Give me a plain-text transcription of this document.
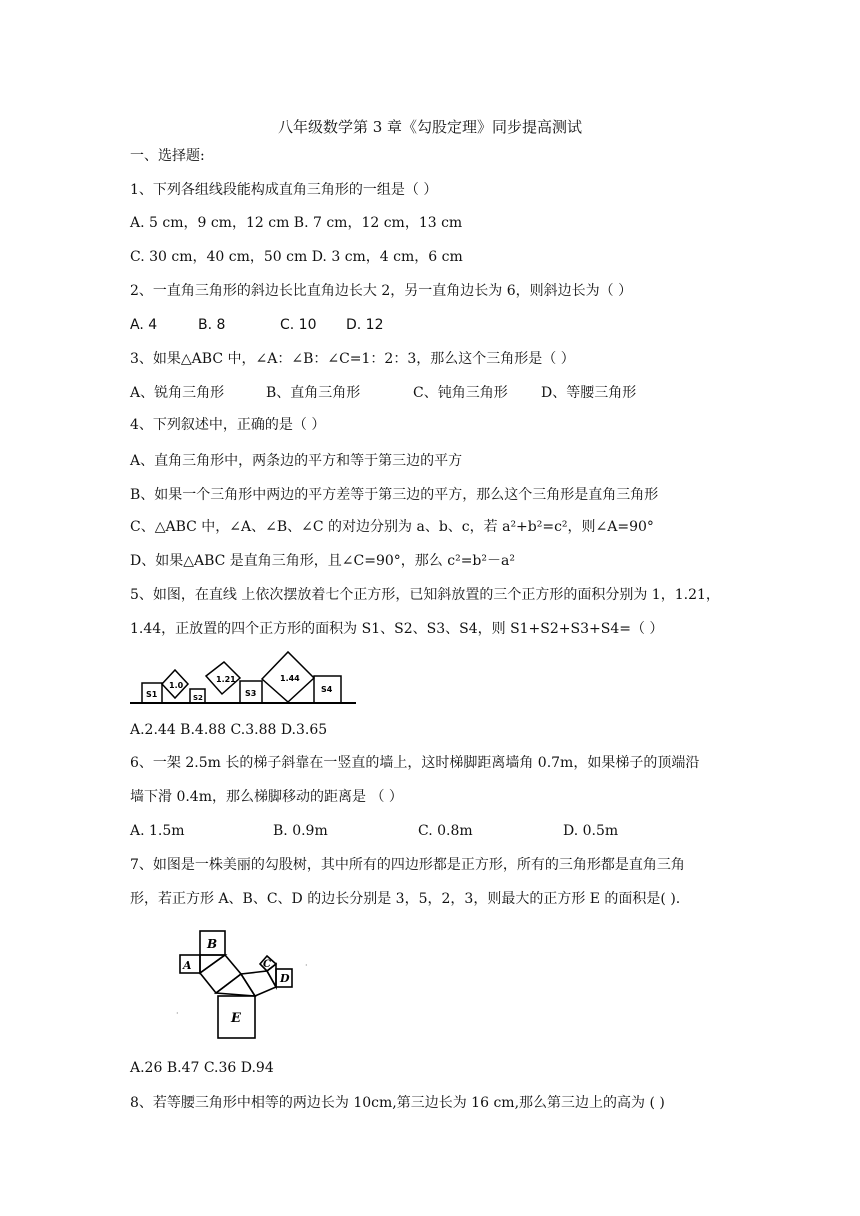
八年级数学第 3 章《勾股定理》同步提高测试
一、选择题:
1、下列各组线段能构成直角三角形的一组是（ ）
A. 5 cm，9 cm，12 cm B. 7 cm，12 cm，13 cm
C. 30 cm，40 cm，50 cm D. 3 cm，4 cm，6 cm
2、一直角三角形的斜边长比直角边长大 2，另一直角边长为 6，则斜边长为（ ）
A. 4	B. 8	C. 10 D. 12
3、如果△ABC 中，∠A：∠B：∠C=1：2：3，那么这个三角形是（ ）
A、锐角三角形	B、直角三角形	C、钝角三角形 D、等腰三角形
4、下列叙述中，正确的是（ ）
A、直角三角形中，两条边的平方和等于第三边的平方
B、如果一个三角形中两边的平方差等于第三边的平方，那么这个三角形是直角三角形
C、△ABC 中，∠A、∠B、∠C 的对边分别为 a、b、c，若 a²+b²=c²，则∠A=90°
D、如果△ABC 是直角三角形，且∠C=90°，那么 c²=b²－a²
5、如图，在直线 上依次摆放着七个正方形，已知斜放置的三个正方形的面积分别为 1，1.21，
1.44，正放置的四个正方形的面积为 S1、S2、S3、S4，则 S1+S2+S3+S4=（ ）
S1
1.0
S2
1.21
S3
1.44
S4
A.2.44 B.4.88 C.3.88 D.3.65
6、一架 2.5m 长的梯子斜靠在一竖直的墙上，这时梯脚距离墙角 0.7m，如果梯子的顶端沿
墙下滑 0.4m，那么梯脚移动的距离是 （ ）
A. 1.5m	B. 0.9m	C. 0.8m	D. 0.5m
7、如图是一株美丽的勾股树，其中所有的四边形都是正方形，所有的三角形都是直角三角
形，若正方形 A、B、C、D 的边长分别是 3，5，2，3，则最大的正方形 E 的面积是( ).
·
·
B
A	C
D
E
A.26 B.47 C.36 D.94
8、若等腰三角形中相等的两边长为 10cm,第三边长为 16 cm,那么第三边上的高为 ( )
